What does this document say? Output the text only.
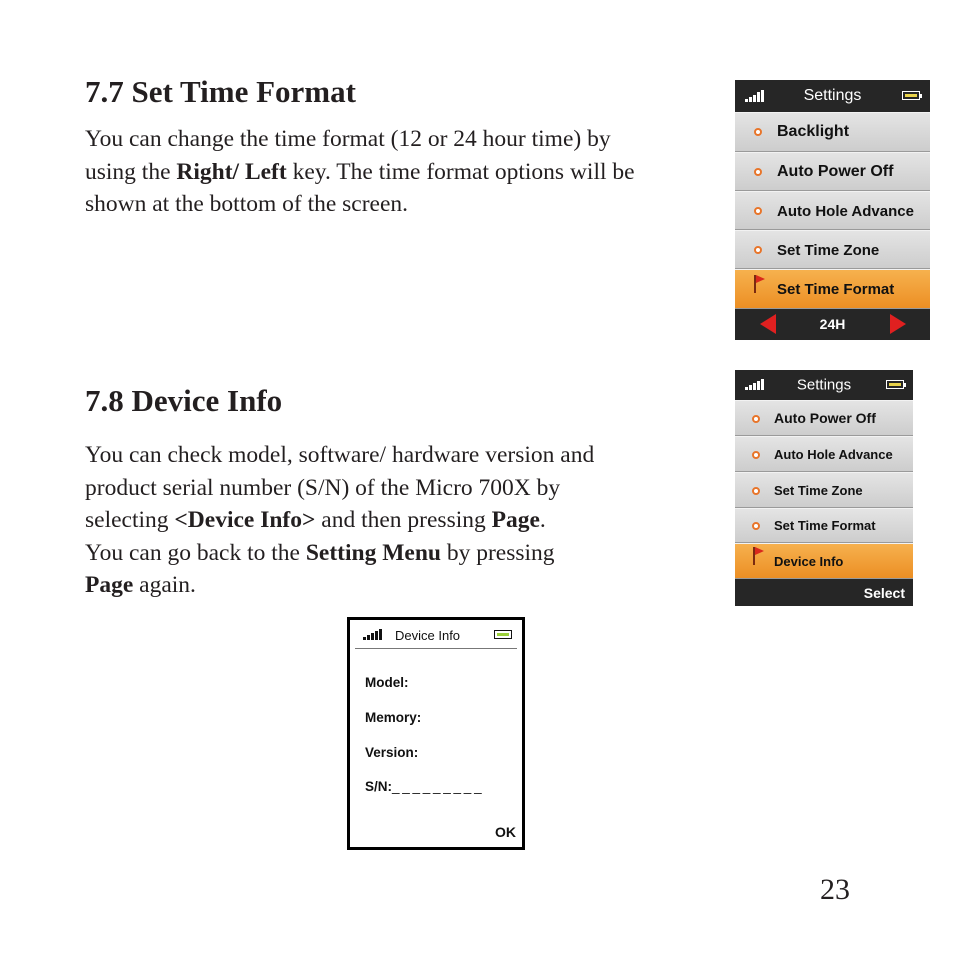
7.7 Set Time Format
You can change the time format (12 or 24 hour time) by
using the Right/ Left key. The time format options will be
shown at the bottom of the screen.
7.8 Device Info
You can check model, software/ hardware version and
product serial number (S/N) of the Micro 700X by
selecting <Device Info> and then pressing Page.
You can go back to the Setting Menu by pressing
Page again.
Settings
Backlight
Auto Power Off
Auto Hole Advance
Set Time Zone
Set Time Format
24H
Settings
Auto Power Off
Auto Hole Advance
Set Time Zone
Set Time Format
Device Info
Select
Device Info
Model:
Memory:
Version:
S/N:_ _ _ _ _ _ _ _ _
OK
23
